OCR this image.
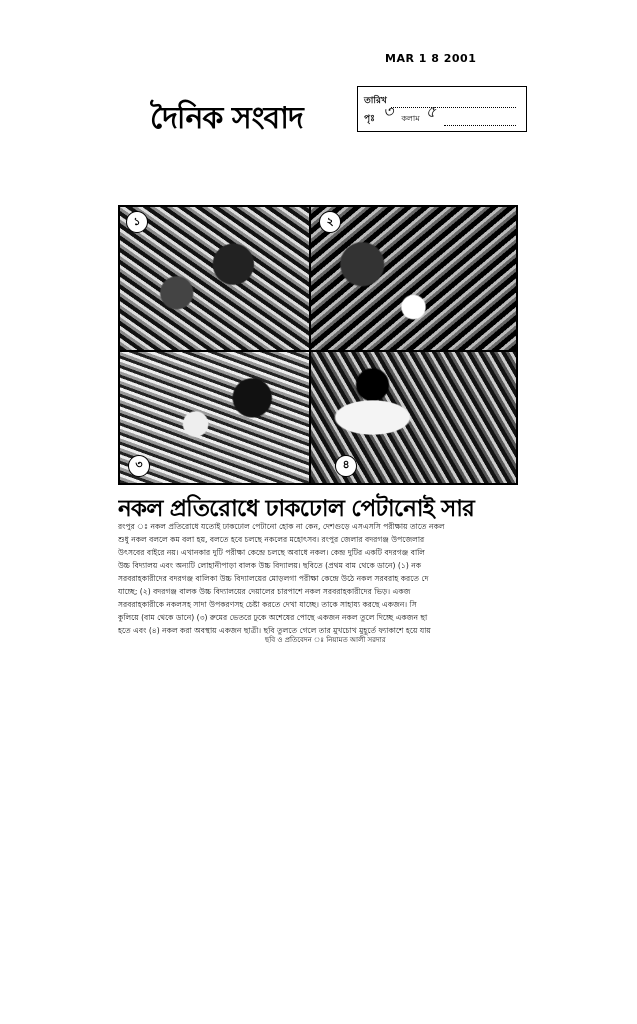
MAR 1 8 2001
দৈনিক সংবাদ	তারিখ
পৃঃ ৩ কলাম ৫
১	২
৩	৪
নকল প্রতিরোধে ঢাকঢোল পেটানোই সার

রংপুর ঃ নকল প্রতিরোধে যতোই ঢাকঢোল পেটানো হোক না কেন, দেশগুড়ে এসএসসি পরীক্ষায় তাতে নকল

শুধু নকল বললে কম বলা হয়, বলতে হবে চলছে নকলের মহোৎসব। রংপুর জেলার বদরগঞ্জ উপজেলার

উৎসবের বাইরে নয়। এখানকার দুটি পরীক্ষা কেন্দ্রে চলছে অবাধে নকল। কেন্দ্র দুটির একটি বদরগঞ্জ বালি

উচ্চ বিদ্যালয় এবং অন্যটি লোহানীপাড়া বালক উচ্চ বিদ্যালয়। ছবিতে (প্রথম বাম থেকে ডানে) (১) নক

সরবরাহকারীদের বদরগঞ্জ বালিকা উচ্চ বিদ্যালয়ের মোড়লগা পরীক্ষা কেন্দ্রে উঠে নকল সরবরাহ করতে দে

যাচ্ছে; (২) বদরগঞ্জ বালক উচ্চ বিদ্যালয়ের দেয়ালের চারপাশে নকল সরবরাহকারীদের ভিড়। একজ

সরবরাহকারীকে নকলসহ সাদা উপকরণসহ চেষ্টা করতে দেখা যাচ্ছে। তাকে সাহায্য করছে একজন। সি

কুলিয়ে (বাম থেকে ডানে) (৩) রুমের ভেতরে ঢুকে অশেষের পোছে একজন নকল তুলে দিচ্ছে একজন ছা

হতে এবং (৪) নকল করা অবস্থায় একজন ছাত্রী। ছবি তুলতে গেলে তার মুখচোখ মুহূর্তে ফ্যাকাশে হয়ে যায়

ছবি ও প্রতিবেদন ঃ নিয়ামত আলী সরদার
